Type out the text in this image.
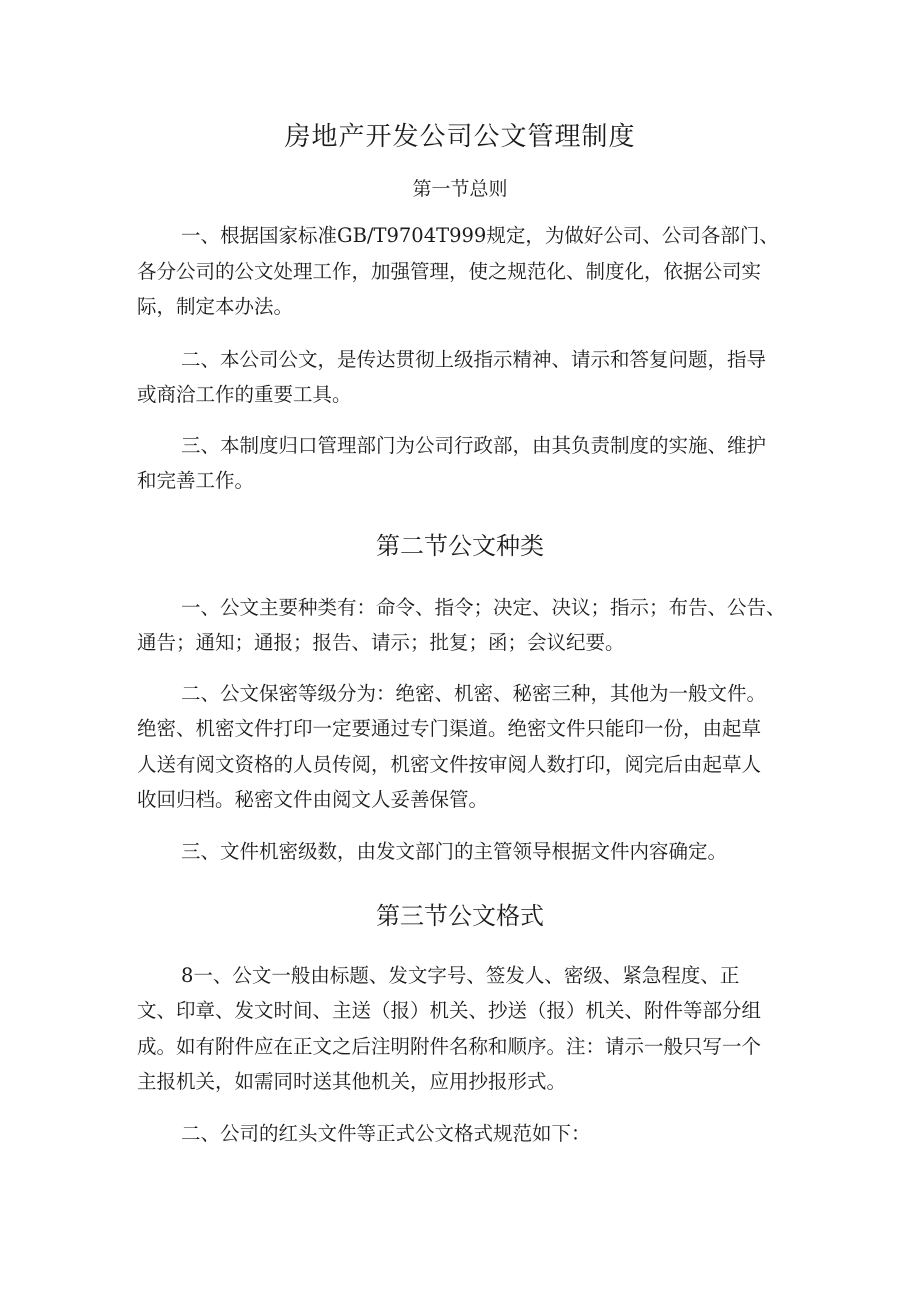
房地产开发公司公文管理制度
第一节总则
一、根据国家标准GB/T9704T999规定，为做好公司、公司各部门、
各分公司的公文处理工作，加强管理，使之规范化、制度化，依据公司实
际，制定本办法。
二、本公司公文，是传达贯彻上级指示精神、请示和答复问题，指导
或商洽工作的重要工具。
三、本制度归口管理部门为公司行政部，由其负责制度的实施、维护
和完善工作。
第二节公文种类
一、公文主要种类有：命令、指令；决定、决议；指示；布告、公告、
通告；通知；通报；报告、请示；批复；函；会议纪要。
二、公文保密等级分为：绝密、机密、秘密三种，其他为一般文件。
绝密、机密文件打印一定要通过专门渠道。绝密文件只能印一份，由起草
人送有阅文资格的人员传阅，机密文件按审阅人数打印，阅完后由起草人
收回归档。秘密文件由阅文人妥善保管。
三、文件机密级数，由发文部门的主管领导根据文件内容确定。
第三节公文格式
8一、公文一般由标题、发文字号、签发人、密级、紧急程度、正
文、印章、发文时间、主送（报）机关、抄送（报）机关、附件等部分组
成。如有附件应在正文之后注明附件名称和顺序。注：请示一般只写一个
主报机关，如需同时送其他机关，应用抄报形式。
二、公司的红头文件等正式公文格式规范如下：
